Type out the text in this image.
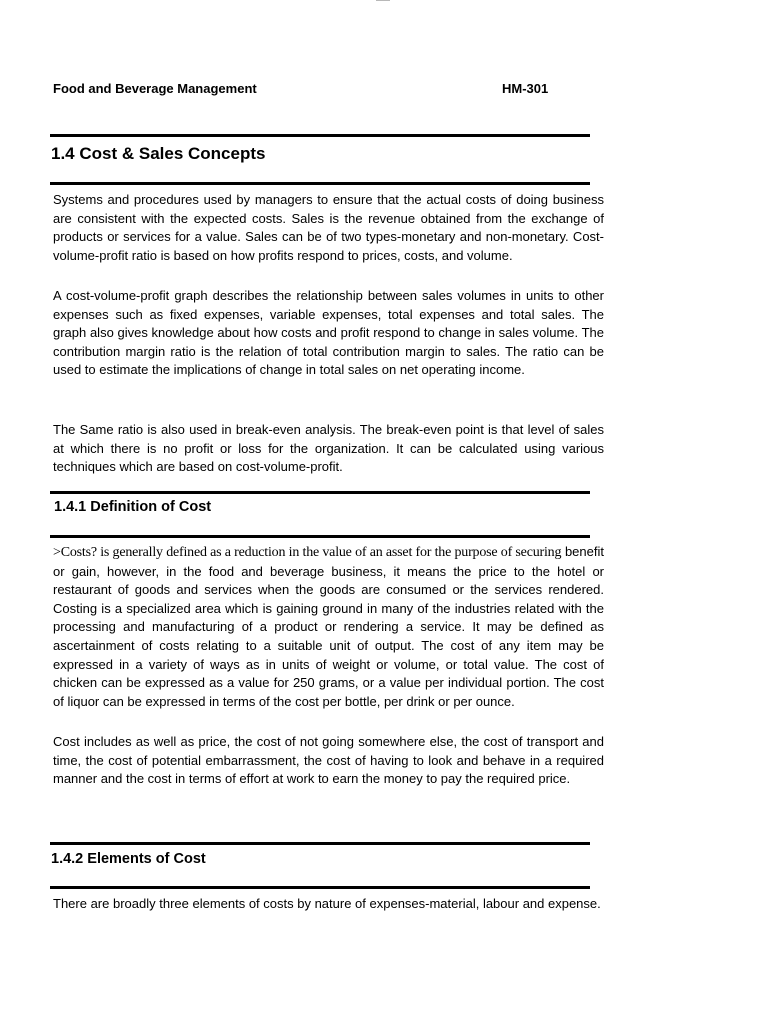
Food and Beverage Management	HM-301
1.4 Cost & Sales Concepts

Systems and procedures used by managers to ensure that the actual costs of doing business are consistent with the expected costs. Sales is the revenue obtained from the exchange of products or services for a value. Sales can be of two types-monetary and non-monetary. Cost-volume-profit ratio is based on how profits respond to prices, costs, and volume.

A cost-volume-profit graph describes the relationship between sales volumes in units to other expenses such as fixed expenses, variable expenses, total expenses and total sales. The graph also gives knowledge about how costs and profit respond to change in sales volume. The contribution margin ratio is the relation of total contribution margin to sales. The ratio can be used to estimate the implications of change in total sales on net operating income.

The Same ratio is also used in break-even analysis. The break-even point is that level of sales at which there is no profit or loss for the organization. It can be calculated using various techniques which are based on cost-volume-profit.

1.4.1 Definition of Cost

>Costs? is generally defined as a reduction in the value of an asset for the purpose of securing benefit or gain, however, in the food and beverage business, it means the price to the hotel or restaurant of goods and services when the goods are consumed or the services rendered. Costing is a specialized area which is gaining ground in many of the industries related with the processing and manufacturing of a product or rendering a service. It may be defined as ascertainment of costs relating to a suitable unit of output. The cost of any item may be expressed in a variety of ways as in units of weight or volume, or total value. The cost of chicken can be expressed as a value for 250 grams, or a value per individual portion. The cost of liquor can be expressed in terms of the cost per bottle, per drink or per ounce.

Cost includes as well as price, the cost of not going somewhere else, the cost of transport and time, the cost of potential embarrassment, the cost of having to look and behave in a required manner and the cost in terms of effort at work to earn the money to pay the required price.

1.4.2 Elements of Cost

There are broadly three elements of costs by nature of expenses-material, labour and expense.
